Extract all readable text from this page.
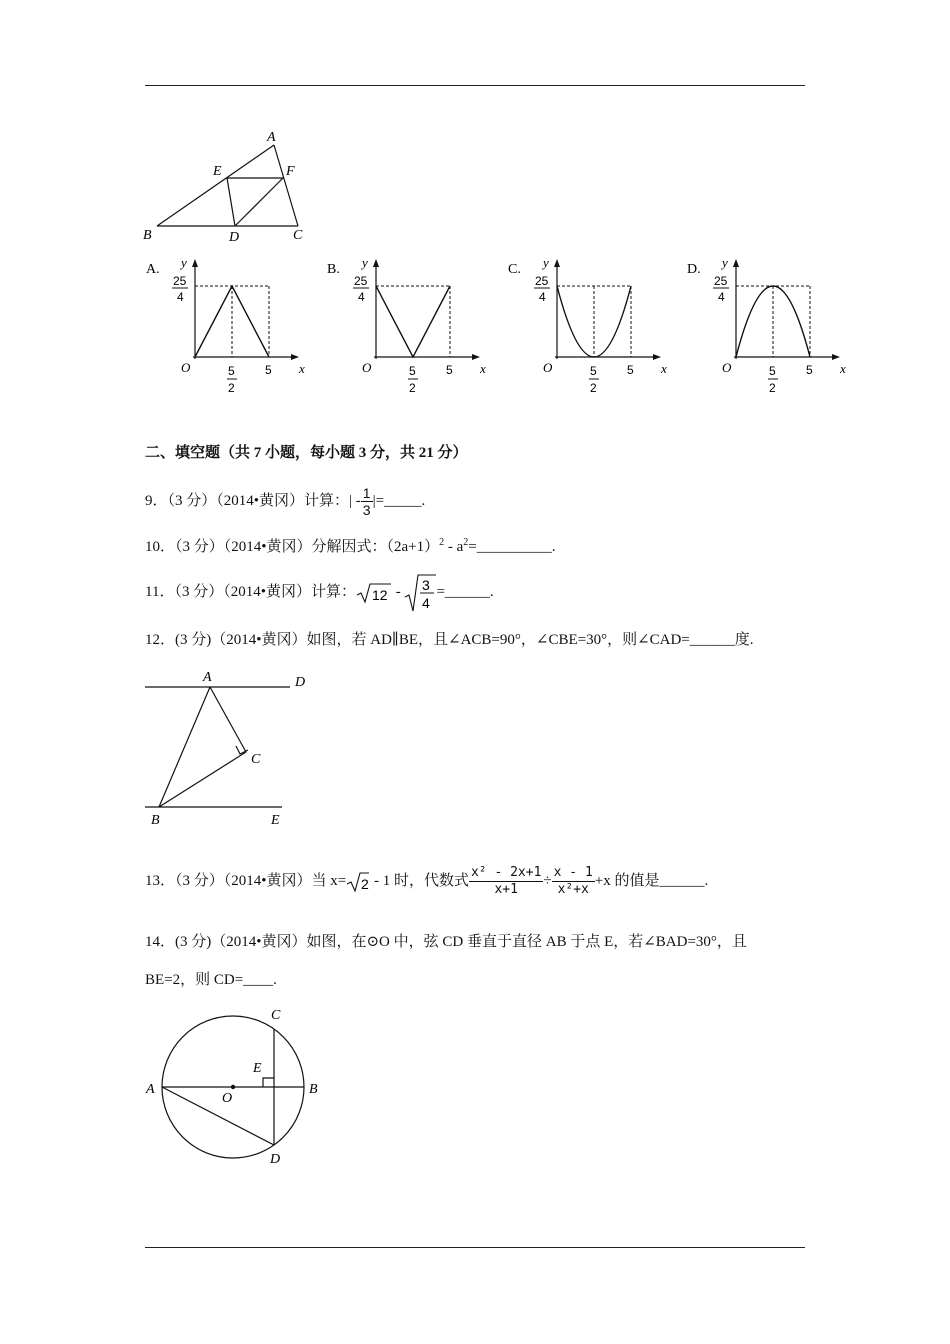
A
E	F
B	D	C
A. y
x
O
25
4
5
2
5
B. y
x
O
25
4
5
2
5
C. y
x
O
25
4
5
2
5
D. y
x
O
25
4
5
2
5
二、填空题（共 7 小题，每小题 3 分，共 21 分）
9．（3 分）（2014•黄冈）计算：| - $\frac{1}{3}$ |=_____.
10．（3 分）（2014•黄冈）分解因式：$(2a+1)^2$ - $a^2=\_\_\_\_\_\_\_\_\_\_$.
11．（3 分）（2014•黄冈）计算： 12 - 3
4
=______.
12．(3 分)（2014•黄冈）如图，若 AD∥BE，且∠ACB=90°，∠CBE=30°，则∠CAD=______度.
A	D
C
B	E
13．（3 分）（2014•黄冈）当 x= 2 - 1 时，代数式 $\frac{\text{x² - 2x+1}}{x+1} \div \frac{x - 1}{\text{x²+x}} +x$ 的值是______.
14．(3 分)（2014•黄冈）如图，在⊙O 中，弦 CD 垂直于直径 AB 于点 E，若∠BAD=30°，且
BE=2，则 CD=____.
C
E
A
O
B
D
